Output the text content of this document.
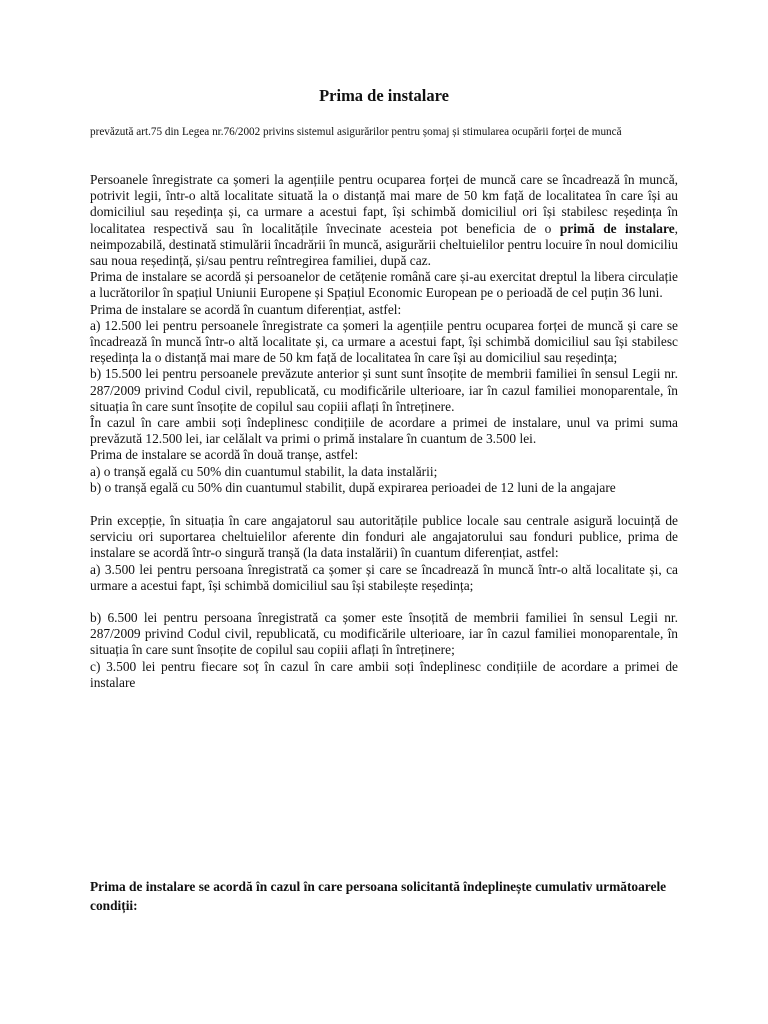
Prima de instalare
prevăzută art.75 din Legea nr.76/2002 privins sistemul asigurărilor pentru șomaj și stimularea ocupării forței de muncă

Persoanele înregistrate ca șomeri la agențiile pentru ocuparea forței de muncă care se încadrează în muncă, potrivit legii, într-o altă localitate situată la o distanță mai mare de 50 km față de localitatea în care își au domiciliul sau reședința și, ca urmare a acestui fapt, își schimbă domiciliul ori își stabilesc reședința în localitatea respectivă sau în localitățile învecinate acesteia pot beneficia de o primă de instalare, neimpozabilă, destinată stimulării încadrării în muncă, asigurării cheltuielilor pentru locuire în noul domiciliu sau noua reședință, și/sau pentru reîntregirea familiei, după caz.

Prima de instalare se acordă și persoanelor de cetățenie română care și-au exercitat dreptul la libera circulație a lucrătorilor în spațiul Uniunii Europene și Spațiul Economic European pe o perioadă de cel puțin 36 luni.

Prima de instalare se acordă în cuantum diferențiat, astfel:

a) 12.500 lei pentru persoanele înregistrate ca șomeri la agențiile pentru ocuparea forței de muncă și care se încadrează în muncă într-o altă localitate și, ca urmare a acestui fapt, își schimbă domiciliul sau își stabilesc reședința la o distanță mai mare de 50 km față de localitatea în care își au domiciliul sau reședința;

b) 15.500 lei pentru persoanele prevăzute anterior și sunt sunt însoțite de membrii familiei în sensul Legii nr. 287/2009 privind Codul civil, republicată, cu modificările ulterioare, iar în cazul familiei monoparentale, în situația în care sunt însoțite de copilul sau copiii aflați în întreținere.

În cazul în care ambii soți îndeplinesc condițiile de acordare a primei de instalare, unul va primi suma prevăzută 12.500 lei, iar celălalt va primi o primă instalare în cuantum de 3.500 lei.

Prima de instalare se acordă în două tranșe, astfel:

a) o tranșă egală cu 50% din cuantumul stabilit, la data instalării;

b) o tranșă egală cu 50% din cuantumul stabilit, după expirarea perioadei de 12 luni de la angajare

Prin excepție, în situația în care angajatorul sau autoritățile publice locale sau centrale asigură locuință de serviciu ori suportarea cheltuielilor aferente din fonduri ale angajatorului sau fonduri publice, prima de instalare se acordă într-o singură tranșă (la data instalării) în cuantum diferențiat, astfel:

a) 3.500 lei pentru persoana înregistrată ca șomer și care se încadrează în muncă într-o altă localitate și, ca urmare a acestui fapt, își schimbă domiciliul sau își stabilește reședința;

b) 6.500 lei pentru persoana înregistrată ca șomer este însoțită de membrii familiei în sensul Legii nr. 287/2009 privind Codul civil, republicată, cu modificările ulterioare, iar în cazul familiei monoparentale, în situația în care sunt însoțite de copilul sau copiii aflați în întreținere;

c) 3.500 lei pentru fiecare soț în cazul în care ambii soți îndeplinesc condițiile de acordare a primei de instalare

Prima de instalare se acordă în cazul în care persoana solicitantă îndeplinește cumulativ următoarele condiții:
